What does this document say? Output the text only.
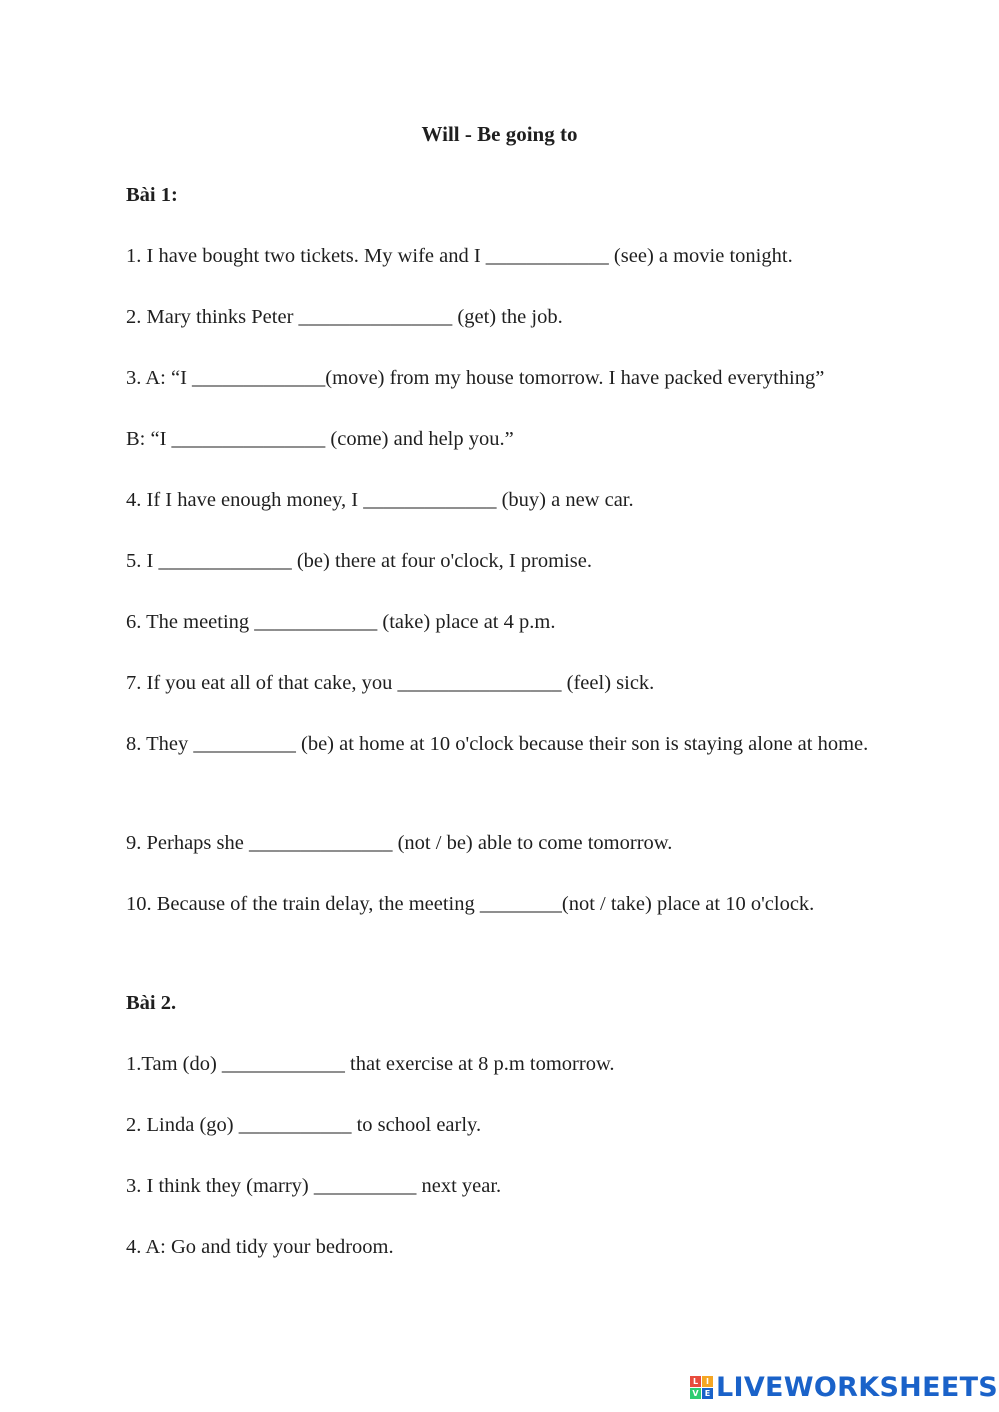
Will - Be going to
Bài 1:
1. I have bought two tickets. My wife and I ____________ (see) a movie tonight.
2. Mary thinks Peter _______________ (get) the job.
3. A: “I _____________(move) from my house tomorrow. I have packed everything”
B: “I _______________ (come) and help you.”
4. If I have enough money, I _____________ (buy) a new car.
5. I _____________ (be) there at four o'clock, I promise.
6. The meeting ____________ (take) place at 4 p.m.
7. If you eat all of that cake, you ________________ (feel) sick.
8. They __________ (be) at home at 10 o'clock because their son is staying alone at home.
9. Perhaps she ______________ (not / be) able to come tomorrow.
10. Because of the train delay, the meeting ________(not / take) place at 10 o'clock.
Bài 2.
1.Tam (do) ____________ that exercise at 8 p.m tomorrow.
2. Linda (go) ___________ to school early.
3. I think they (marry) __________ next year.
4. A: Go and tidy your bedroom.
L I
V E LIVEWORKSHEETS
